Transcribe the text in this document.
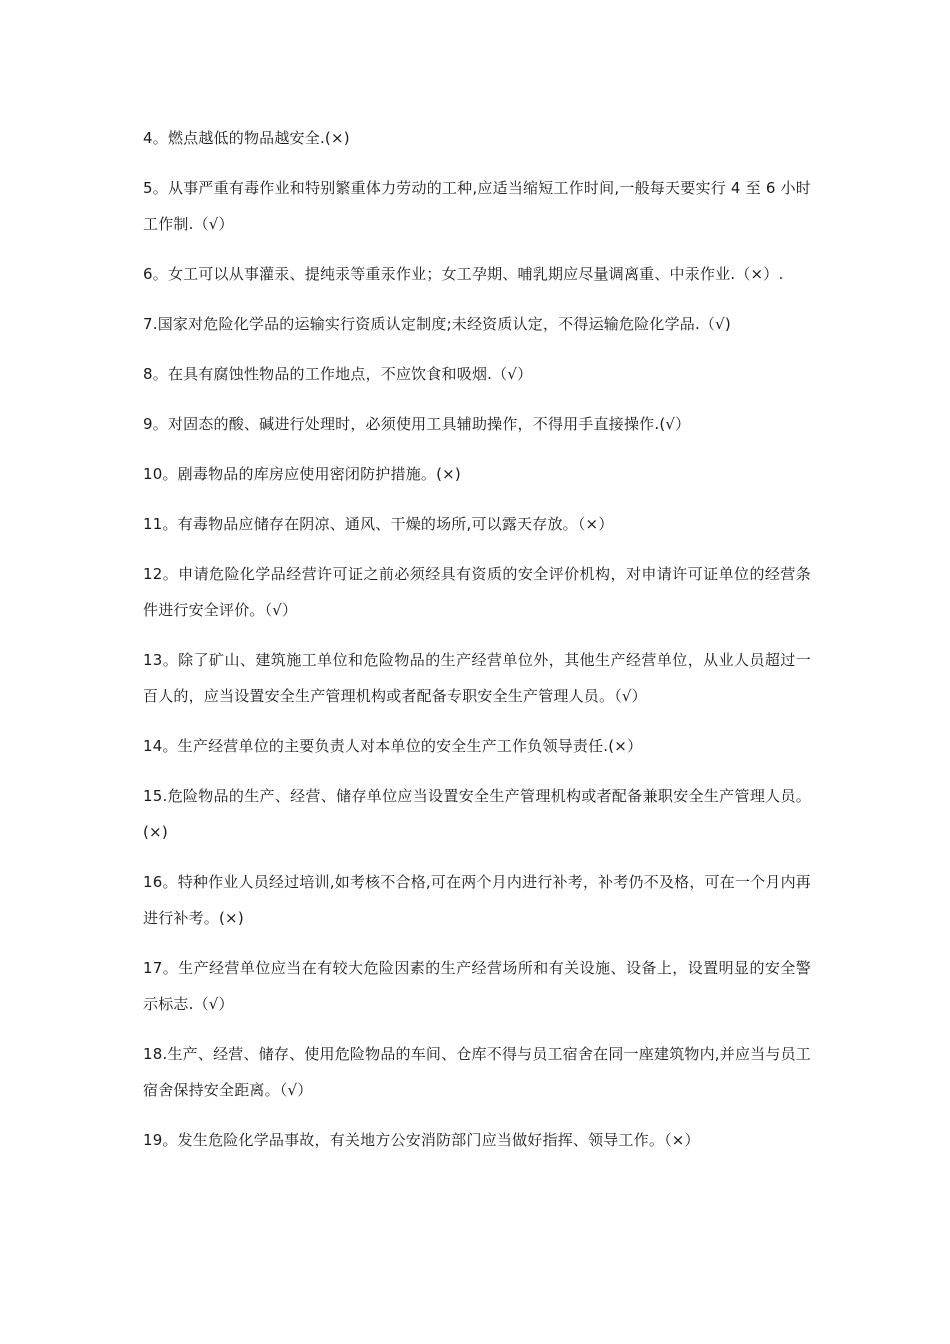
4。燃点越低的物品越安全.(×)

5。从事严重有毒作业和特别繁重体力劳动的工种,应适当缩短工作时间,一般每天要实行 4 至 6 小时工作制.（√）

6。女工可以从事灌汞、提纯汞等重汞作业；女工孕期、哺乳期应尽量调离重、中汞作业.（×）.

7.国家对危险化学品的运输实行资质认定制度;未经资质认定，不得运输危险化学品.（√)

8。在具有腐蚀性物品的工作地点，不应饮食和吸烟.（√）

9。对固态的酸、碱进行处理时，必须使用工具辅助操作，不得用手直接操作.(√）

10。剧毒物品的库房应使用密闭防护措施。(×)

11。有毒物品应储存在阴凉、通风、干燥的场所,可以露天存放。（×）

12。申请危险化学品经营许可证之前必须经具有资质的安全评价机构，对申请许可证单位的经营条件进行安全评价。（√）

13。除了矿山、建筑施工单位和危险物品的生产经营单位外，其他生产经营单位，从业人员超过一百人的，应当设置安全生产管理机构或者配备专职安全生产管理人员。（√）

14。生产经营单位的主要负责人对本单位的安全生产工作负领导责任.(×）

15.危险物品的生产、经营、储存单位应当设置安全生产管理机构或者配备兼职安全生产管理人员。(×)

16。特种作业人员经过培训,如考核不合格,可在两个月内进行补考，补考仍不及格，可在一个月内再进行补考。(×)

17。生产经营单位应当在有较大危险因素的生产经营场所和有关设施、设备上，设置明显的安全警示标志.（√）

18.生产、经营、储存、使用危险物品的车间、仓库不得与员工宿舍在同一座建筑物内,并应当与员工宿舍保持安全距离。（√）

19。发生危险化学品事故，有关地方公安消防部门应当做好指挥、领导工作。（×）
